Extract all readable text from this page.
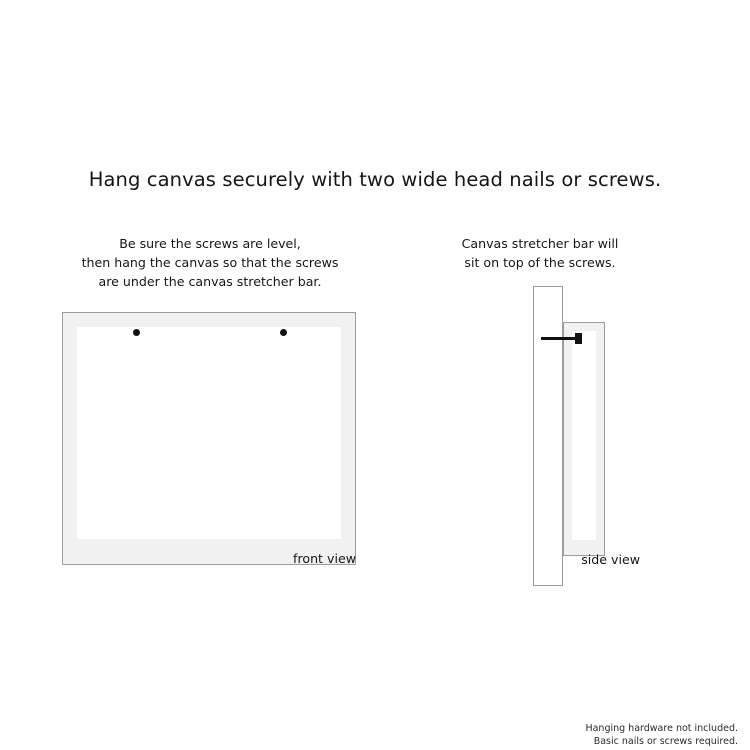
Hang canvas securely with two wide head nails or screws.
Be sure the screws are level,
then hang the canvas so that the screws
are under the canvas stretcher bar.
front view
Canvas stretcher bar will
sit on top of the screws.
side view
Hanging hardware not included.
Basic nails or screws required.
